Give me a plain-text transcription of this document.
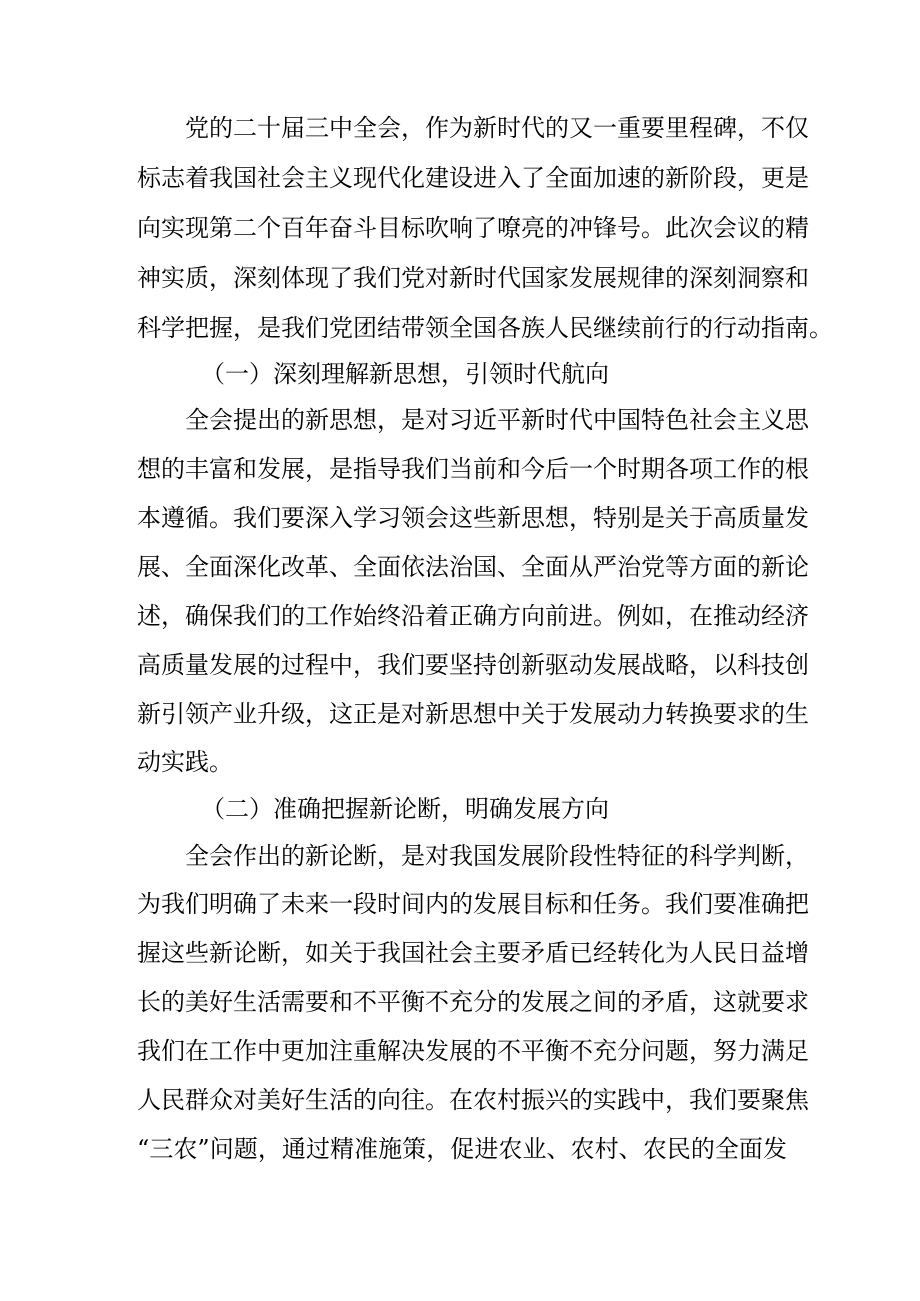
党的二十届三中全会，作为新时代的又一重要里程碑，不仅
标志着我国社会主义现代化建设进入了全面加速的新阶段，更是
向实现第二个百年奋斗目标吹响了嘹亮的冲锋号。此次会议的精
神实质，深刻体现了我们党对新时代国家发展规律的深刻洞察和
科学把握，是我们党团结带领全国各族人民继续前行的行动指南。
（一）深刻理解新思想，引领时代航向
全会提出的新思想，是对习近平新时代中国特色社会主义思
想的丰富和发展，是指导我们当前和今后一个时期各项工作的根
本遵循。我们要深入学习领会这些新思想，特别是关于高质量发
展、全面深化改革、全面依法治国、全面从严治党等方面的新论
述，确保我们的工作始终沿着正确方向前进。例如，在推动经济
高质量发展的过程中，我们要坚持创新驱动发展战略，以科技创
新引领产业升级，这正是对新思想中关于发展动力转换要求的生
动实践。
（二）准确把握新论断，明确发展方向
全会作出的新论断，是对我国发展阶段性特征的科学判断，
为我们明确了未来一段时间内的发展目标和任务。我们要准确把
握这些新论断，如关于我国社会主要矛盾已经转化为人民日益增
长的美好生活需要和不平衡不充分的发展之间的矛盾，这就要求
我们在工作中更加注重解决发展的不平衡不充分问题，努力满足
人民群众对美好生活的向往。在农村振兴的实践中，我们要聚焦
“三农”问题，通过精准施策，促进农业、农村、农民的全面发
